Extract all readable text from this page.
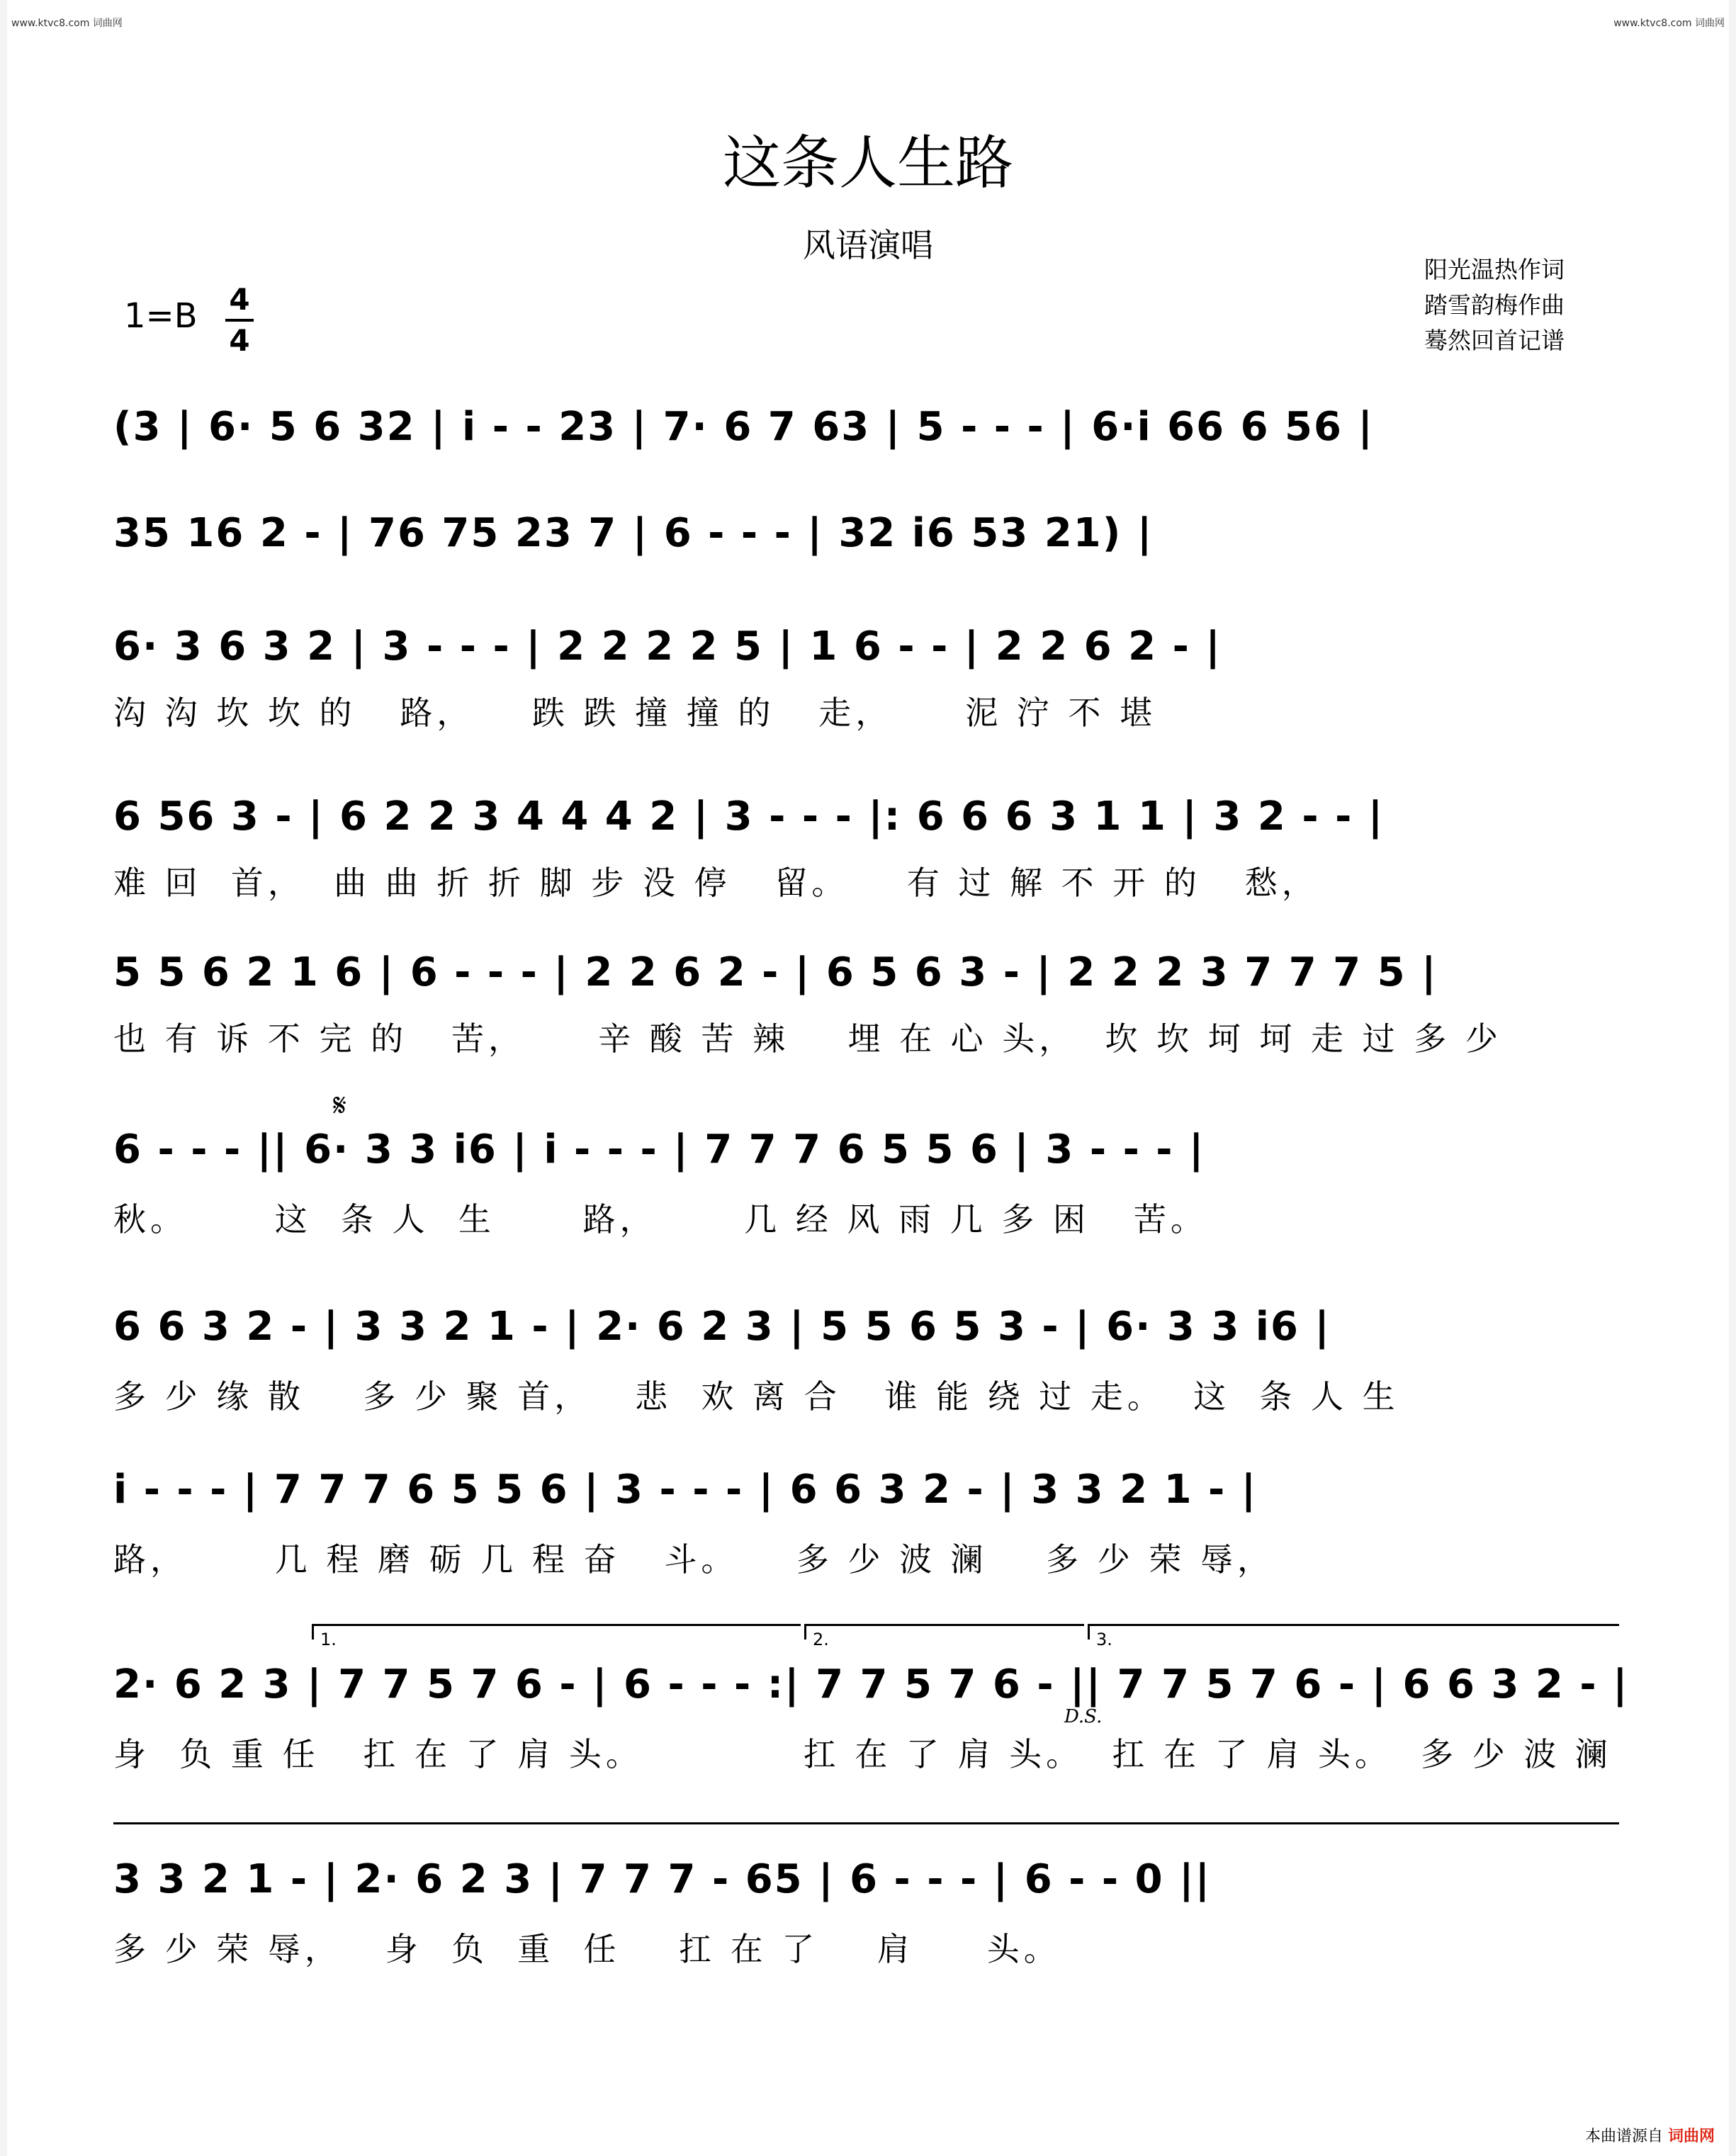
www.ktvc8.com 词曲网	www.ktvc8.com 词曲网
这条人生路
风语演唱
阳光温热作词
踏雪韵梅作曲
蓦然回首记谱
1=B 4
4
(3 | 6· 5 6 32 | i - - 23 | 7· 6 7 63 | 5 - - - | 6·i 66 6 56 |
35 16 2 - | 76 75 23 7 | 6 - - - | 32 i6 53 21) |
6· 3 6 3 2 | 3 - - - | 2 2 2 2 5 | 1 6 - - | 2 2 6 2 - |
沟 沟 坎 坎 的   路，    跌 跌 撞 撞 的   走，     泥 泞 不 堪
6 56 3 - | 6 2 2 3 4 4 4 2 | 3 - - - |: 6 6 6 3 1 1 | 3 2 - - |
难 回  首，  曲 曲 折 折 脚 步 没 停   留。    有 过 解 不 开 的   愁，
5 5 6 2 1 6 | 6 - - - | 2 2 6 2 - | 6 5 6 3 - | 2 2 2 3 7 7 7 5 |
也 有 诉 不 完 的   苦，     辛 酸 苦 辣    埋 在 心 头，  坎 坎 坷 坷 走 过 多 少
𝄋
6 - - - || 6· 3 3 i6 | i - - - | 7 7 7 6 5 5 6 | 3 - - - |
秋。      这  条 人  生      路，      几 经 风 雨 几 多 困   苦。
6 6 3 2 - | 3 3 2 1 - | 2· 6 2 3 | 5 5 6 5 3 - | 6· 3 3 i6 |
多 少 缘 散    多 少 聚 首，   悲  欢 离 合   谁 能 绕 过 走。  这  条 人 生
i - - - | 7 7 7 6 5 5 6 | 3 - - - | 6 6 3 2 - | 3 3 2 1 - |
路，      几 程 磨 砺 几 程 奋   斗。    多 少 波 澜    多 少 荣 辱，
1.	2.	3.
2· 6 2 3 | 7 7 5 7 6 - | 6 - - - :| 7 7 5 7 6 - || 7 7 5 7 6 - | 6 6 3 2 - |
D.S.
身  负 重 任   扛 在 了 肩 头。           扛 在 了 肩 头。  扛 在 了 肩 头。  多 少 波 澜
3 3 2 1 - | 2· 6 2 3 | 7 7 7 - 65 | 6 - - - | 6 - - 0 ||
多 少 荣 辱，   身  负  重  任    扛 在 了    肩     头。
本曲谱源自 词曲网
